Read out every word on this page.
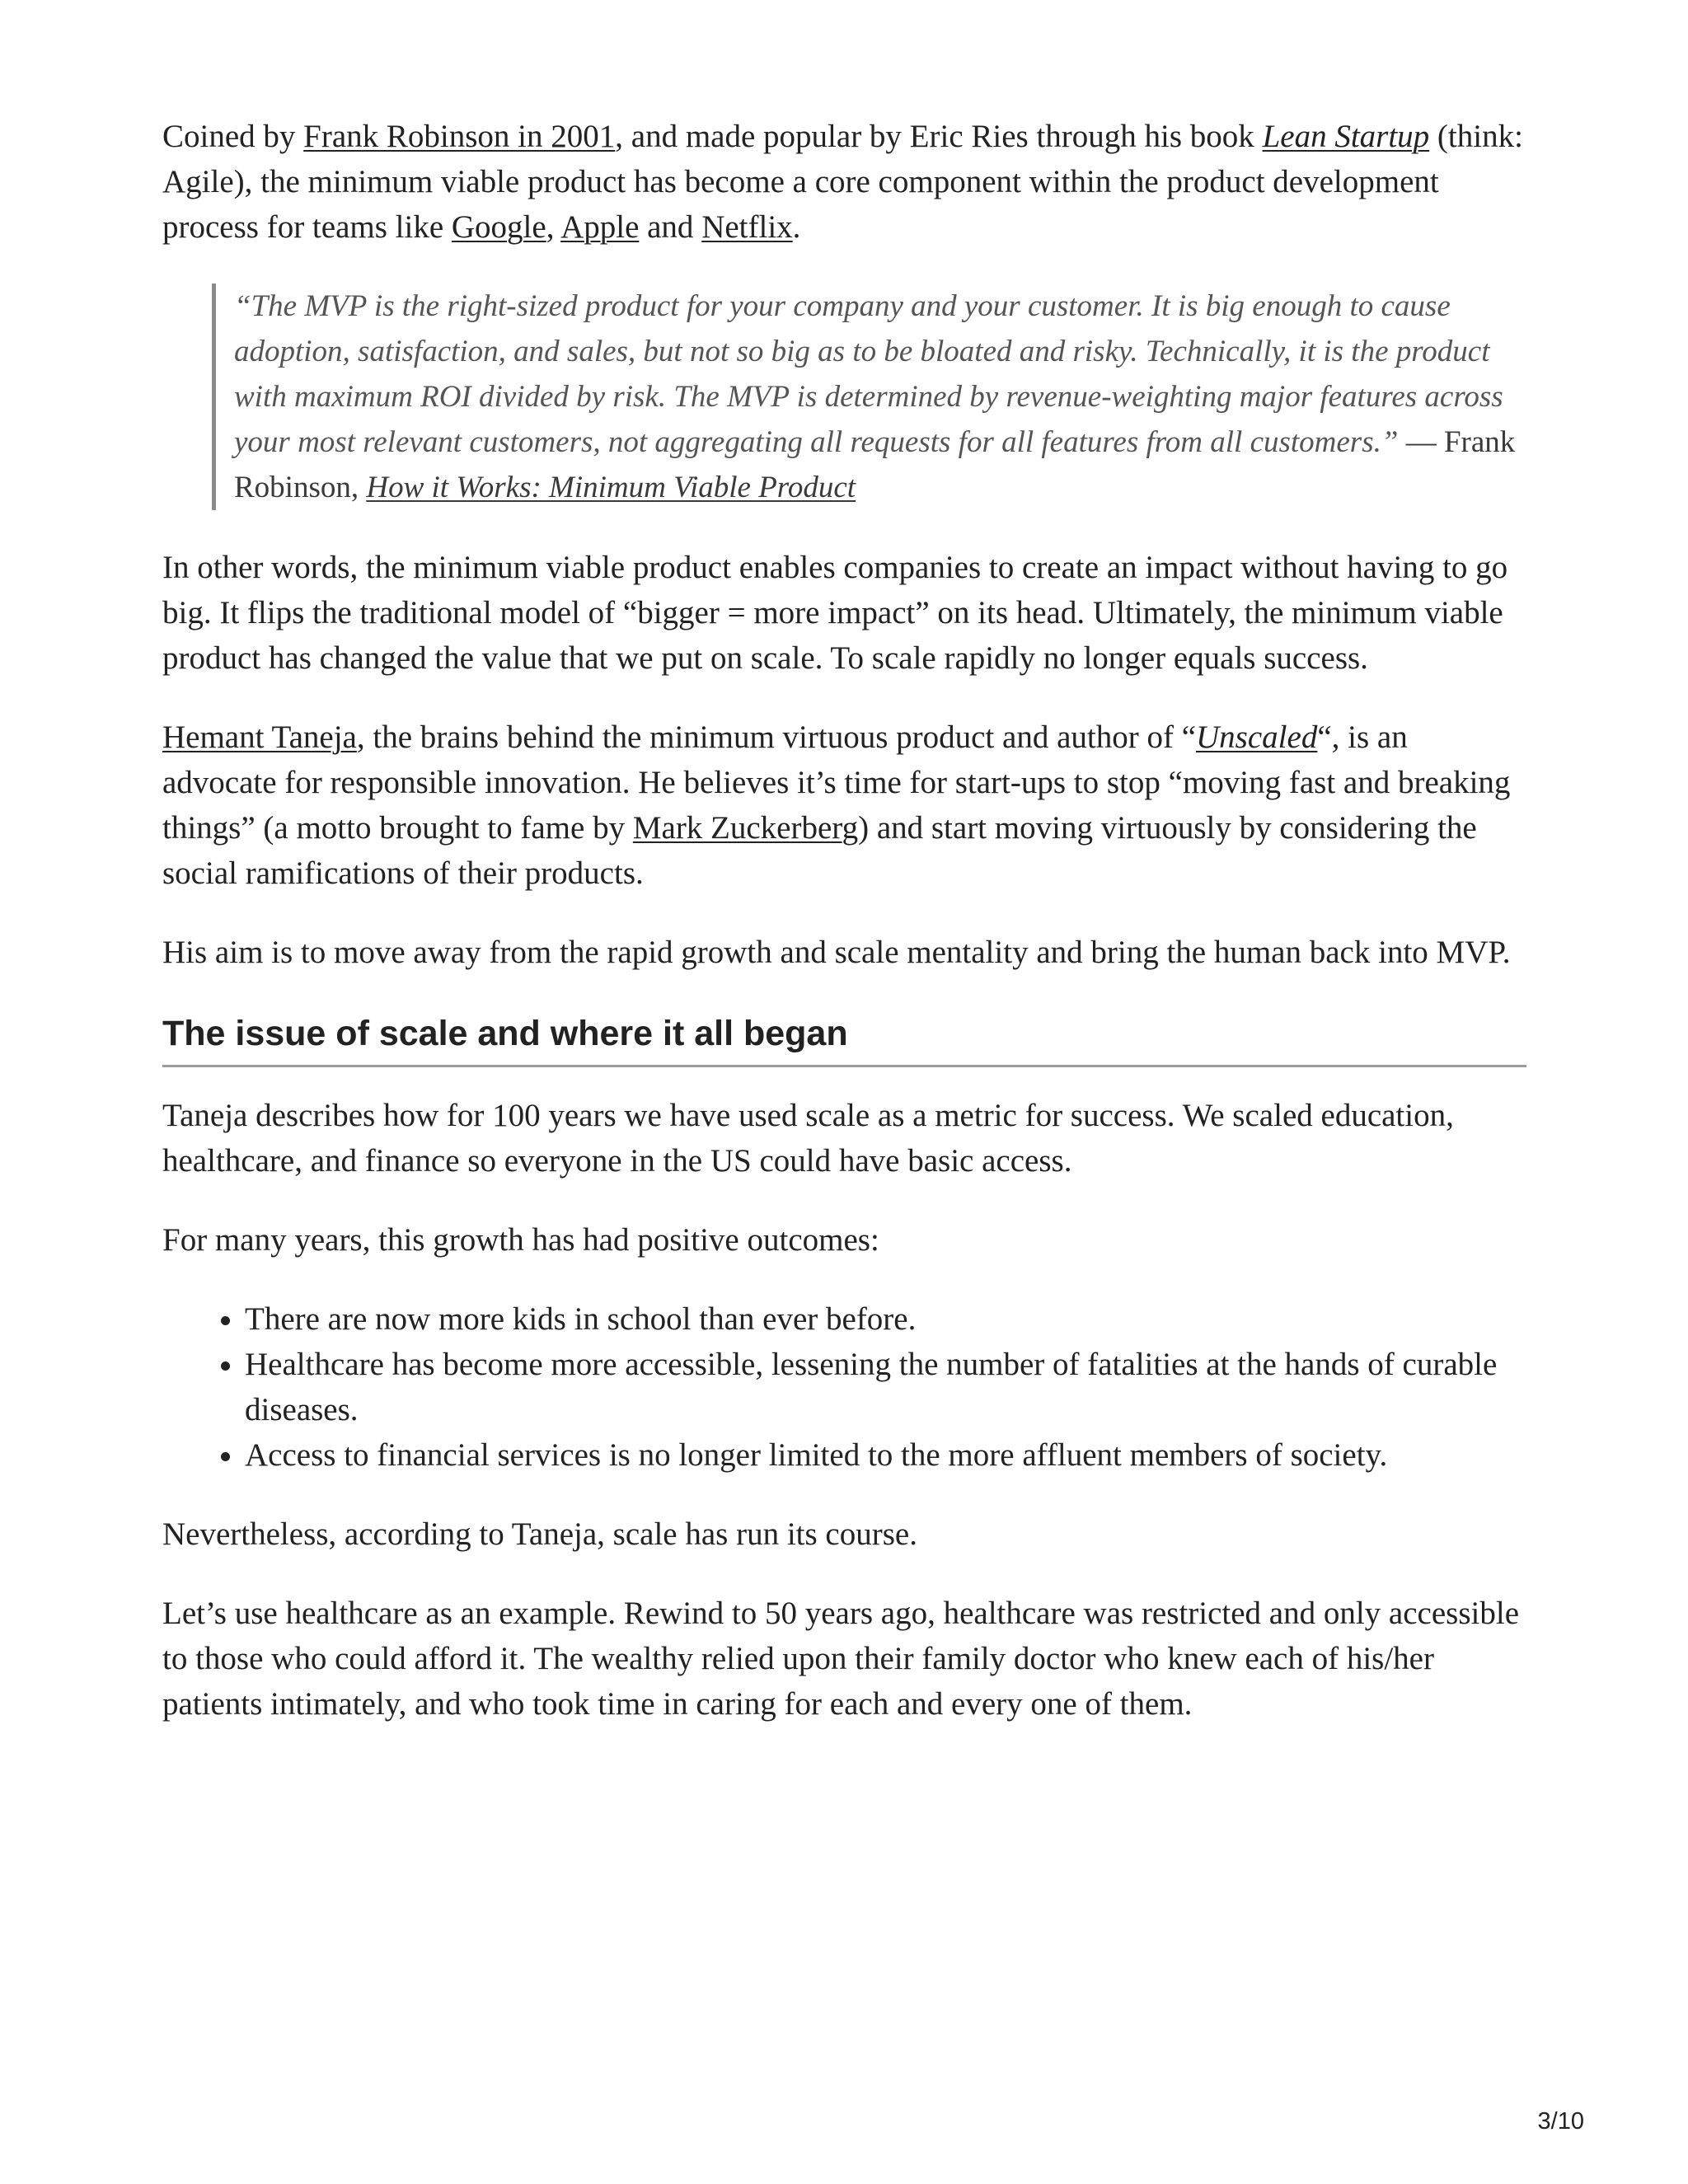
Coined by Frank Robinson in 2001, and made popular by Eric Ries through his book Lean Startup (think: Agile), the minimum viable product has become a core component within the product development process for teams like Google, Apple and Netflix.

“The MVP is the right-sized product for your company and your customer. It is big enough to cause adoption, satisfaction, and sales, but not so big as to be bloated and risky. Technically, it is the product with maximum ROI divided by risk. The MVP is determined by revenue-weighting major features across your most relevant customers, not aggregating all requests for all features from all customers.” — Frank Robinson, How it Works: Minimum Viable Product

In other words, the minimum viable product enables companies to create an impact without having to go big. It flips the traditional model of “bigger = more impact” on its head. Ultimately, the minimum viable product has changed the value that we put on scale. To scale rapidly no longer equals success.

Hemant Taneja, the brains behind the minimum virtuous product and author of “Unscaled“, is an advocate for responsible innovation. He believes it’s time for start-ups to stop “moving fast and breaking things” (a motto brought to fame by Mark Zuckerberg) and start moving virtuously by considering the social ramifications of their products.

His aim is to move away from the rapid growth and scale mentality and bring the human back into MVP.

The issue of scale and where it all began

Taneja describes how for 100 years we have used scale as a metric for success. We scaled education, healthcare, and finance so everyone in the US could have basic access.

For many years, this growth has had positive outcomes:

• There are now more kids in school than ever before.
• Healthcare has become more accessible, lessening the number of fatalities at the hands of curable diseases.
• Access to financial services is no longer limited to the more affluent members of society.

Nevertheless, according to Taneja, scale has run its course.

Let’s use healthcare as an example. Rewind to 50 years ago, healthcare was restricted and only accessible to those who could afford it. The wealthy relied upon their family doctor who knew each of his/her patients intimately, and who took time in caring for each and every one of them.

3/10
